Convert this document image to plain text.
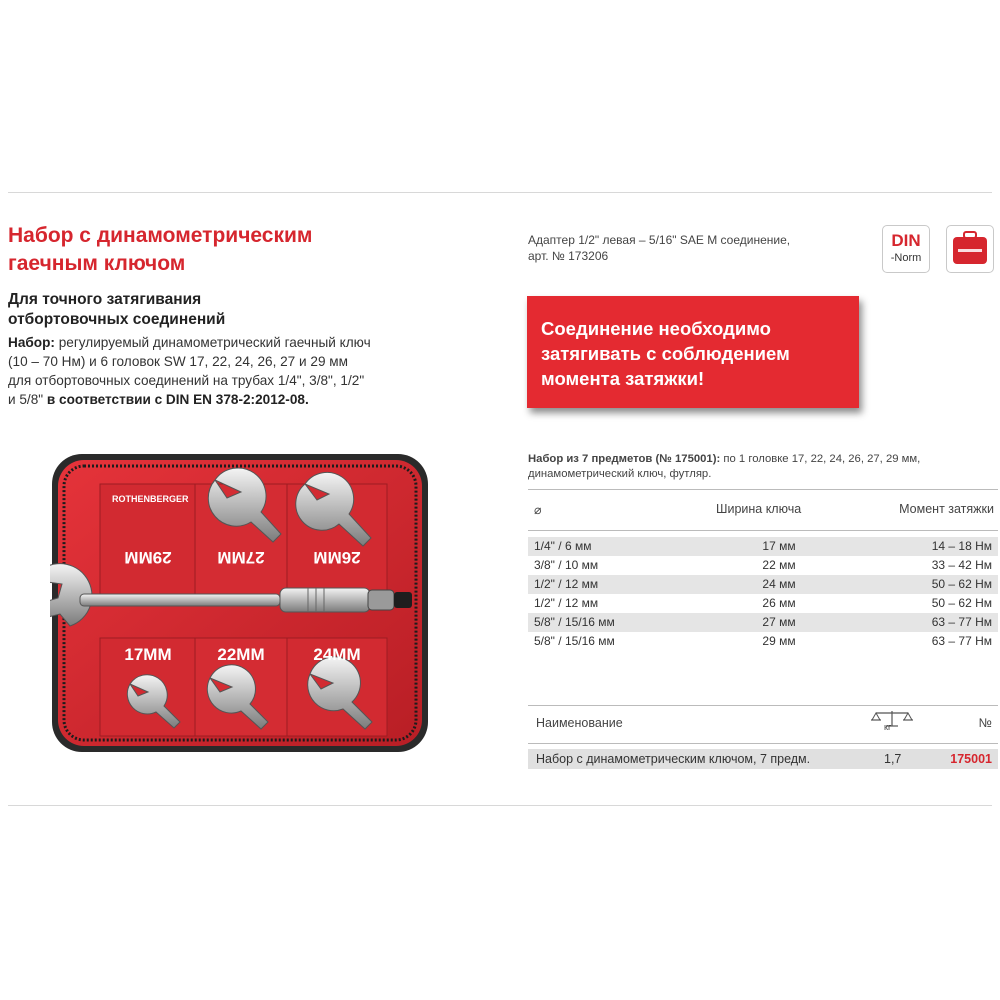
Набор с динамометрическим
гаечным ключом
Для точного затягивания
отбортовочных соединений
Набор: регулируемый динамометрический гаечный ключ
(10 – 70 Нм) и 6 головок SW 17, 22, 24, 26, 27 и 29 мм
для отбортовочных соединений на трубах 1/4", 3/8", 1/2"
и 5/8" в соответствии с DIN EN 378-2:2012-08.
Адаптер 1/2" левая – 5/16" SAE M соединение,
арт. № 173206
DIN
-Norm
Соединение необходимо
затягивать с соблюдением
момента затяжки!
Набор из 7 предметов (№ 175001): по 1 головке 17, 22, 24, 26, 27, 29 мм,
динамометрический ключ, футляр.
⌀	Ширина ключа	Момент затяжки
1/4" / 6 мм	17 мм	14 – 18 Нм
3/8" / 10 мм	22 мм	33 – 42 Нм
1/2" / 12 мм	24 мм	50 – 62 Нм
1/2" / 12 мм	26 мм	50 – 62 Нм
5/8" / 15/16 мм	27 мм	63 – 77 Нм
5/8" / 15/16 мм	29 мм	63 – 77 Нм
Наименование	кг	№
Набор с динамометрическим ключом, 7 предм.	1,7	175001
ROTHENBERGER
29MM	27MM	26MM
17MM	22MM	24MM
